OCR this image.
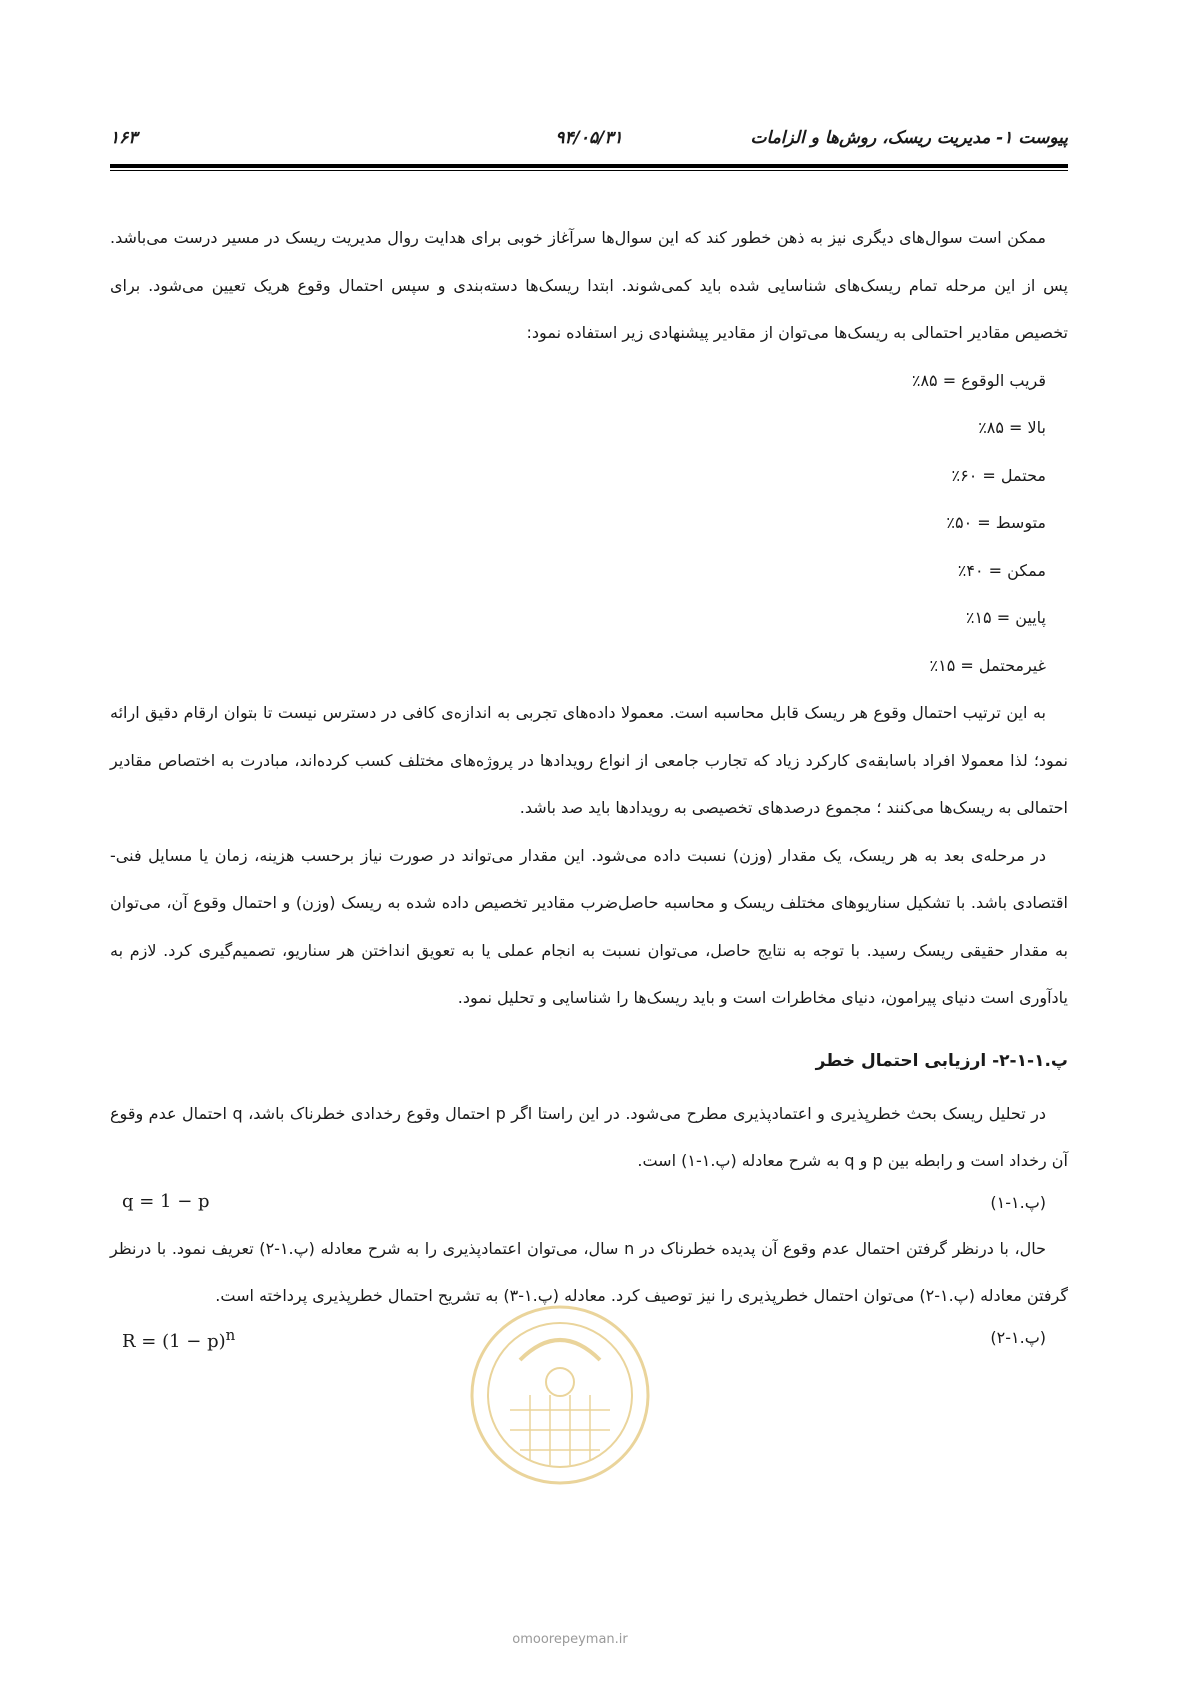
پیوست ۱- مدیریت ریسک، روش‌ها و الزامات
۹۴/۰۵/۳۱
۱۶۳

ممکن است سوال‌های دیگری نیز به ذهن خطور کند که این سوال‌ها سرآغاز خوبی برای هدایت روال مدیریت ریسک در مسیر درست می‌باشد. پس از این مرحله تمام ریسک‌های شناسایی شده باید کمی‌شوند. ابتدا ریسک‌ها دسته‌بندی و سپس احتمال وقوع هریک تعیین می‌شود. برای تخصیص مقادیر احتمالی به ریسک‌ها می‌توان از مقادیر پیشنهادی زیر استفاده نمود:

قریب الوقوع = ۸۵٪
بالا = ۸۵٪
محتمل = ۶۰٪
متوسط = ۵۰٪
ممکن = ۴۰٪
پایین = ۱۵٪
غیرمحتمل = ۱۵٪

به این ترتیب احتمال وقوع هر ریسک قابل محاسبه است. معمولا داده‌های تجربی به اندازه‌ی کافی در دسترس نیست تا بتوان ارقام دقیق ارائه نمود؛ لذا معمولا افراد باسابقه‌ی کارکرد زیاد که تجارب جامعی از انواع رویدادها در پروژه‌های مختلف کسب کرده‌اند، مبادرت به اختصاص مقادیر احتمالی به ریسک‌ها می‌کنند ؛ مجموع درصدهای تخصیصی به رویدادها باید صد باشد.

در مرحله‌ی بعد به هر ریسک، یک مقدار (وزن) نسبت داده می‌شود. این مقدار می‌تواند در صورت نیاز برحسب هزینه، زمان یا مسایل فنی- اقتصادی باشد. با تشکیل سناریوهای مختلف ریسک و محاسبه حاصل‌ضرب مقادیر تخصیص داده شده به ریسک (وزن) و احتمال وقوع آن، می‌توان به مقدار حقیقی ریسک رسید. با توجه به نتایج حاصل، می‌توان نسبت به انجام عملی یا به تعویق انداختن هر سناریو، تصمیم‌گیری کرد. لازم به یادآوری است دنیای پیرامون، دنیای مخاطرات است و باید ریسک‌ها را شناسایی و تحلیل نمود.

پ.۱-۱-۲- ارزیابی احتمال خطر

در تحلیل ریسک بحث خطرپذیری و اعتمادپذیری مطرح می‌شود. در این راستا اگر p احتمال وقوع رخدادی خطرناک باشد، q احتمال عدم وقوع آن رخداد است و رابطه بین p و q به شرح معادله (پ.۱-۱) است.

(پ.۱-۱)
q = 1 − p

حال، با درنظر گرفتن احتمال عدم وقوع آن پدیده خطرناک در n سال، می‌توان اعتمادپذیری را به شرح معادله (پ.۱-۲) تعریف نمود. با درنظر گرفتن معادله (پ.۱-۲) می‌توان احتمال خطرپذیری را نیز توصیف کرد. معادله (پ.۱-۳) به تشریح احتمال خطرپذیری پرداخته است.

(پ.۱-۲)
$R = (1 - p)^n$
omoorepeyman.ir
